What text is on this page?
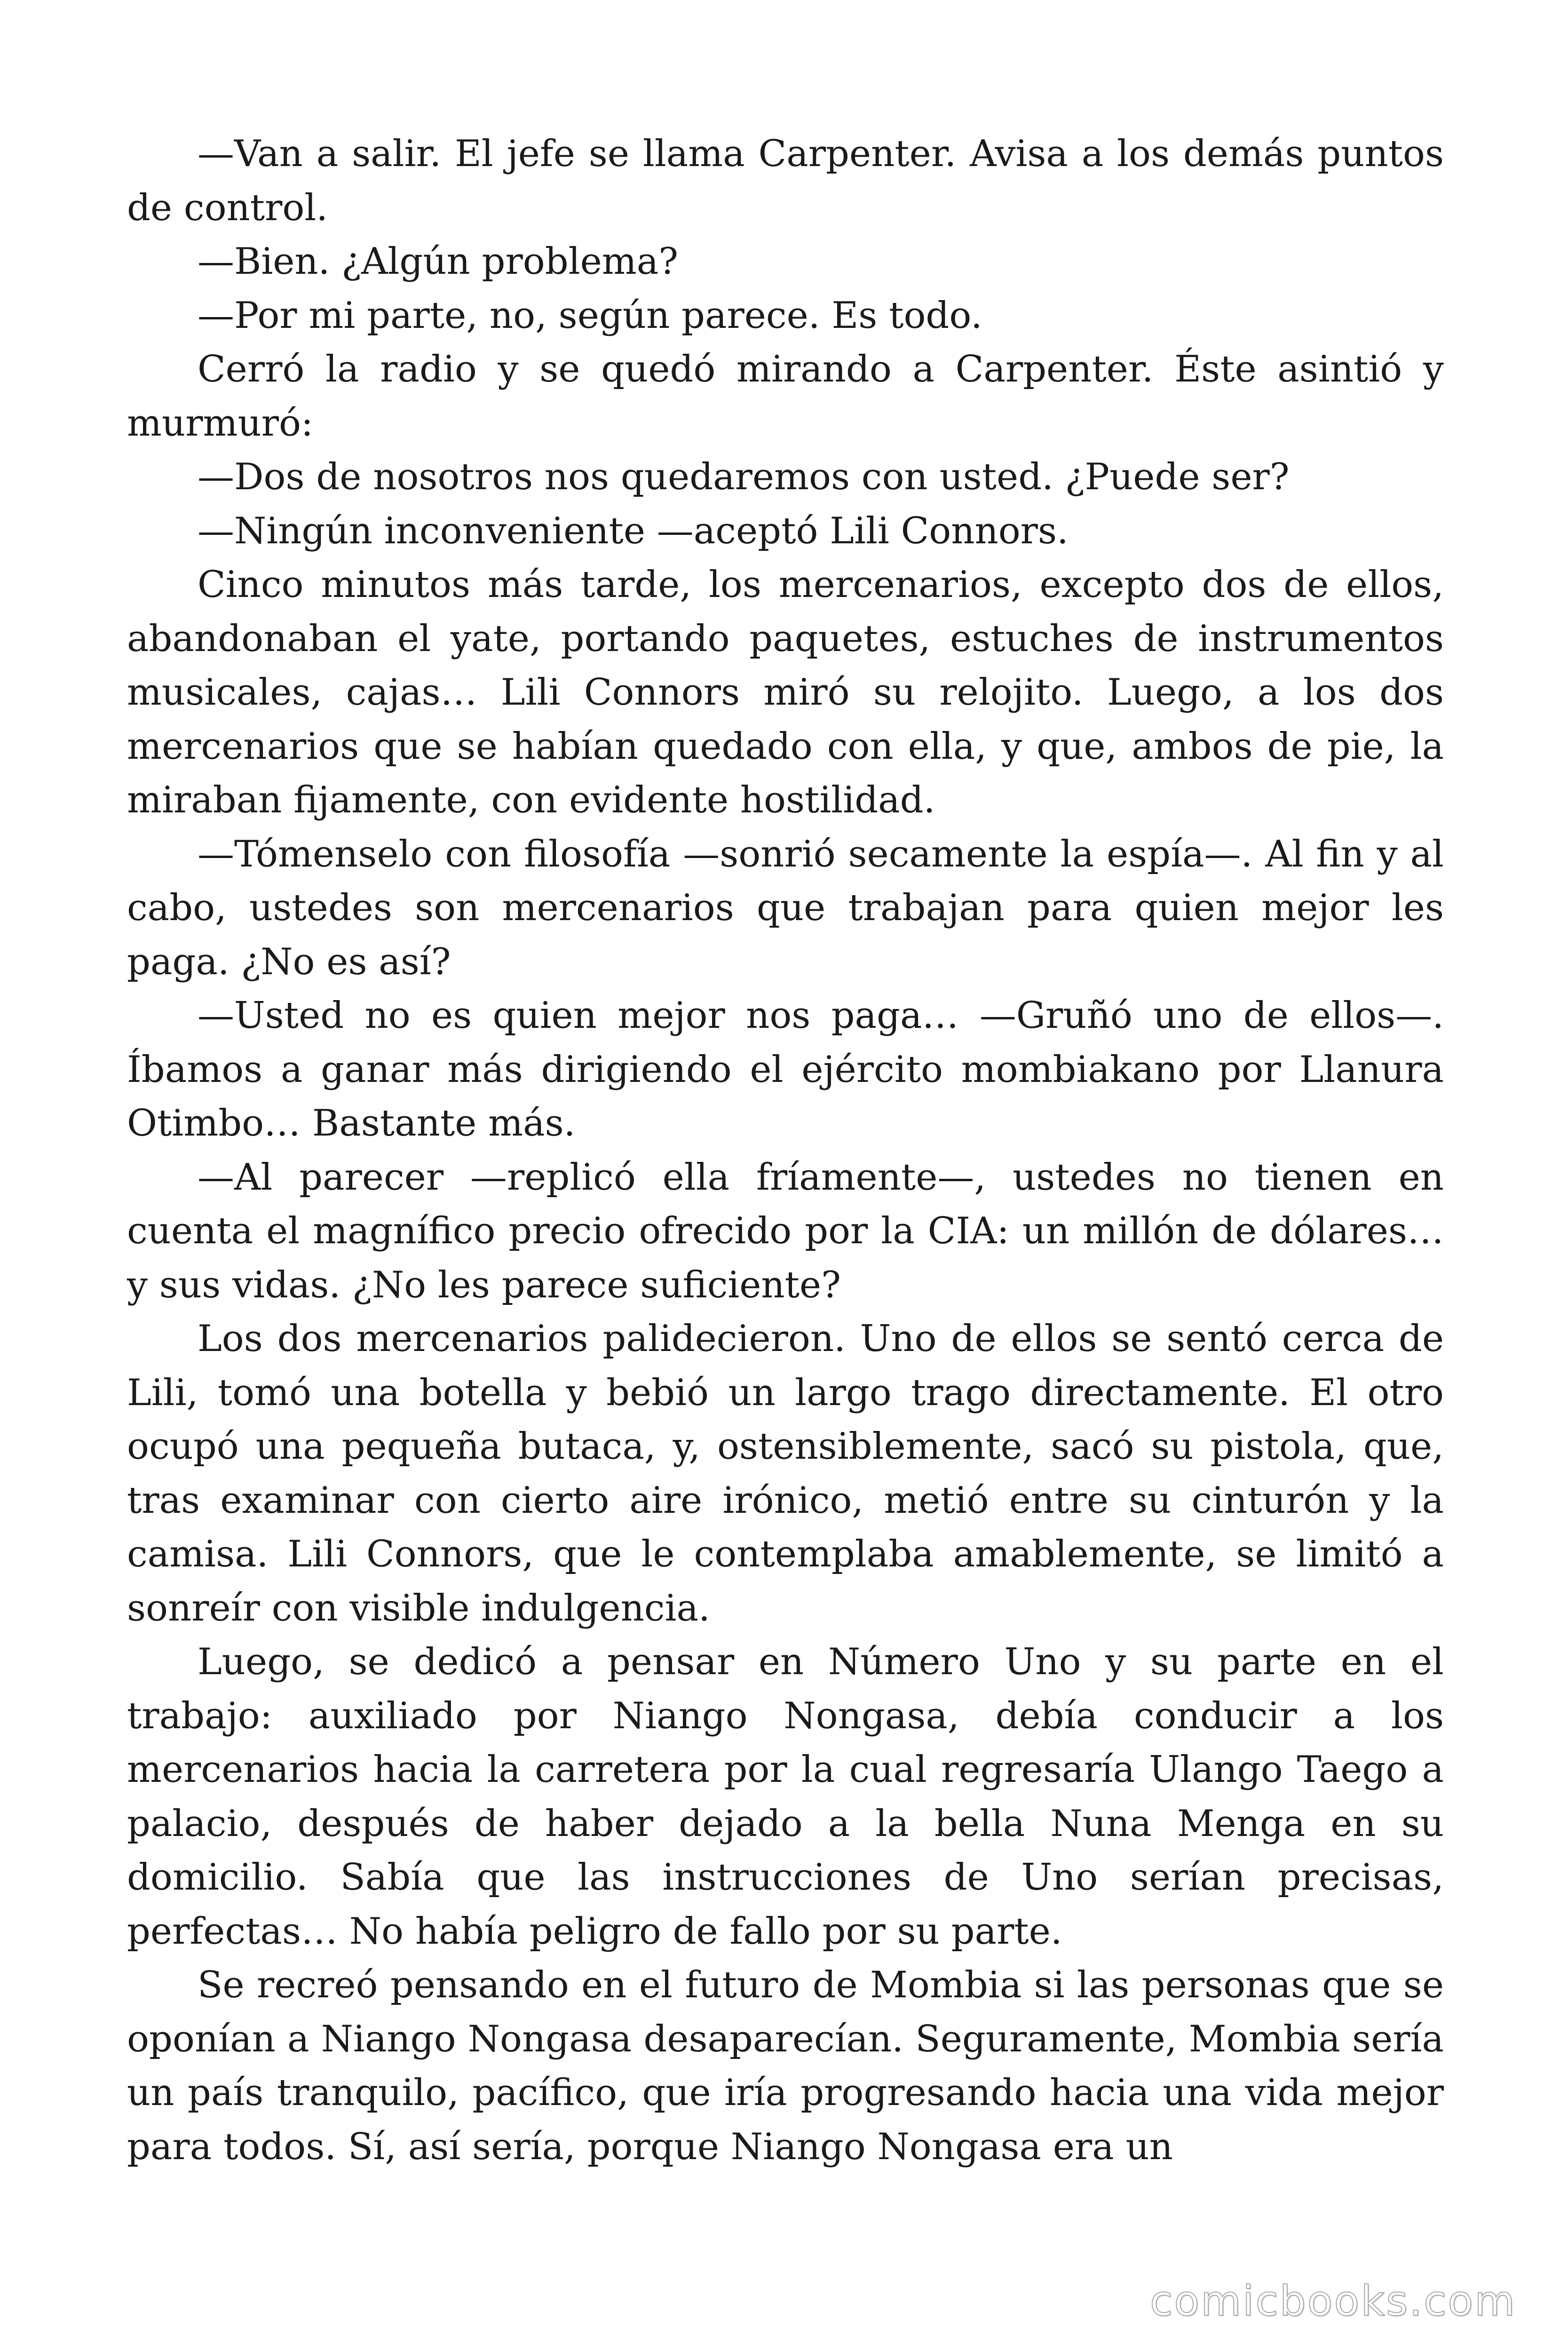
—Van a salir. El jefe se llama Carpenter. Avisa a los demás puntos de control.

—Bien. ¿Algún problema?

—Por mi parte, no, según parece. Es todo.

Cerró la radio y se quedó mirando a Carpenter. Éste asintió y murmuró:

—Dos de nosotros nos quedaremos con usted. ¿Puede ser?

—Ningún inconveniente —aceptó Lili Connors.

Cinco minutos más tarde, los mercenarios, excepto dos de ellos, abandonaban el yate, portando paquetes, estuches de instrumentos musicales, cajas… Lili Connors miró su relojito. Luego, a los dos mercenarios que se habían quedado con ella, y que, ambos de pie, la miraban fijamente, con evidente hostilidad.

—Tómenselo con filosofía —sonrió secamente la espía—. Al fin y al cabo, ustedes son mercenarios que trabajan para quien mejor les paga. ¿No es así?

—Usted no es quien mejor nos paga… —Gruñó uno de ellos—. Íbamos a ganar más dirigiendo el ejército mombiakano por Llanura Otimbo… Bastante más.

—Al parecer —replicó ella fríamente—, ustedes no tienen en cuenta el magnífico precio ofrecido por la CIA: un millón de dólares… y sus vidas. ¿No les parece suficiente?

Los dos mercenarios palidecieron. Uno de ellos se sentó cerca de Lili, tomó una botella y bebió un largo trago directamente. El otro ocupó una pequeña butaca, y, ostensiblemente, sacó su pistola, que, tras examinar con cierto aire irónico, metió entre su cinturón y la camisa. Lili Connors, que le contemplaba amablemente, se limitó a sonreír con visible indulgencia.

Luego, se dedicó a pensar en Número Uno y su parte en el trabajo: auxiliado por Niango Nongasa, debía conducir a los mercenarios hacia la carretera por la cual regresaría Ulango Taego a palacio, después de haber dejado a la bella Nuna Menga en su domicilio. Sabía que las instrucciones de Uno serían precisas, perfectas… No había peligro de fallo por su parte.

Se recreó pensando en el futuro de Mombia si las personas que se oponían a Niango Nongasa desaparecían. Seguramente, Mombia sería un país tranquilo, pacífico, que iría progresando hacia una vida mejor para todos. Sí, así sería, porque Niango Nongasa era un

comicbooks.com
